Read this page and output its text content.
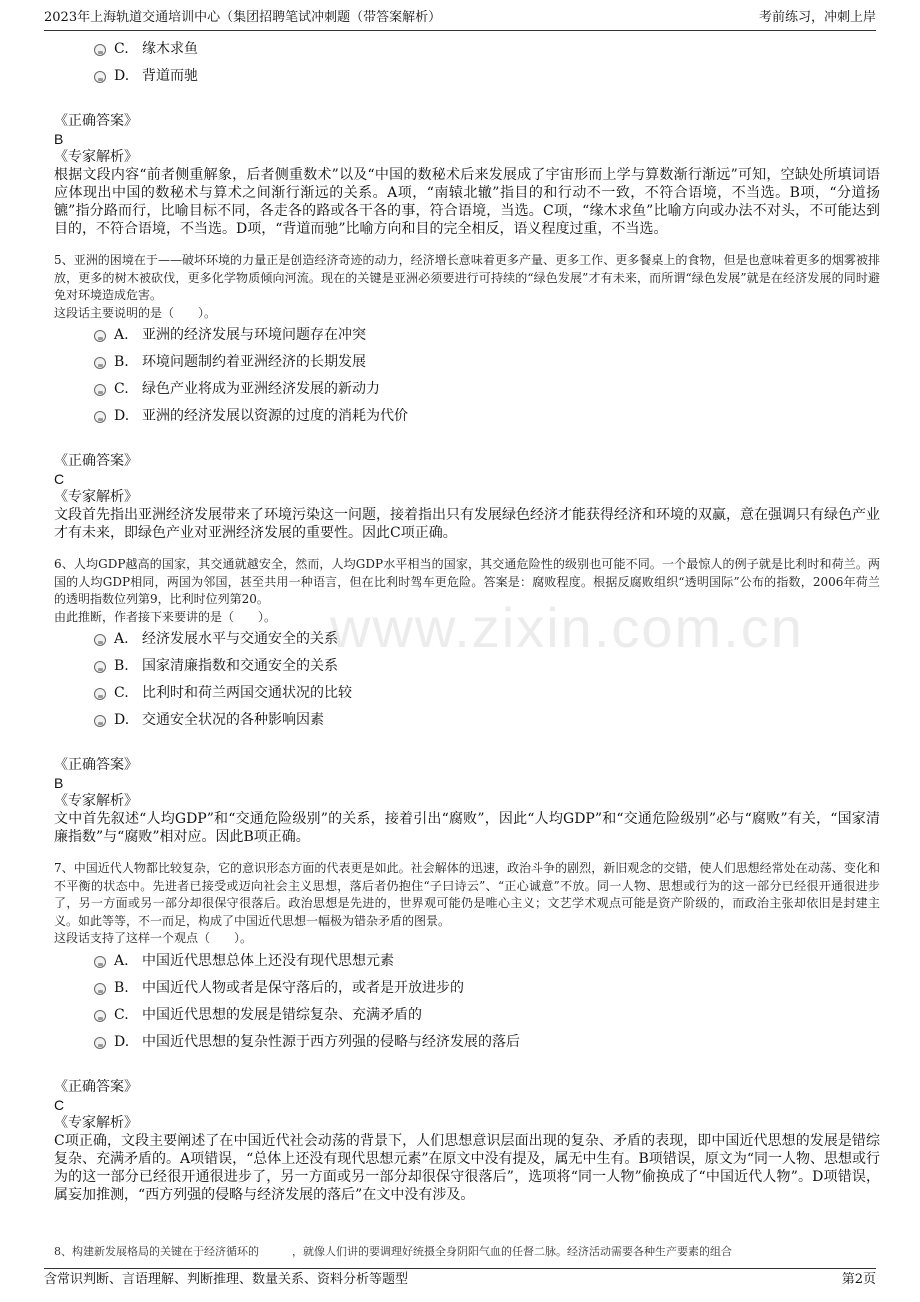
2023年上海轨道交通培训中心（集团招聘笔试冲刺题（带答案解析）	考前练习，冲刺上岸
www.zixin.com.cn
C. 缘木求鱼
D. 背道而驰
《正确答案》
B
《专家解析》
根据文段内容“前者侧重解象，后者侧重数术”以及“中国的数秘术后来发展成了宇宙形而上学与算数渐行渐远”可知，空缺处所填词语应体现出中国的数秘术与算术之间渐行渐远的关系。A项，“南辕北辙”指目的和行动不一致，不符合语境，不当选。B项，“分道扬镳”指分路而行，比喻目标不同，各走各的路或各干各的事，符合语境，当选。C项，“缘木求鱼”比喻方向或办法不对头，不可能达到目的，不符合语境，不当选。D项，“背道而驰”比喻方向和目的完全相反，语义程度过重，不当选。

5、亚洲的困境在于——破坏环境的力量正是创造经济奇迹的动力，经济增长意味着更多产量、更多工作、更多餐桌上的食物，但是也意味着更多的烟雾被排放，更多的树木被砍伐，更多化学物质倾向河流。现在的关键是亚洲必须要进行可持续的“绿色发展”才有未来，而所谓“绿色发展”就是在经济发展的同时避免对环境造成危害。

这段话主要说明的是（　　）。
A. 亚洲的经济发展与环境问题存在冲突
B. 环境问题制约着亚洲经济的长期发展
C. 绿色产业将成为亚洲经济发展的新动力
D. 亚洲的经济发展以资源的过度的消耗为代价
《正确答案》
C
《专家解析》
文段首先指出亚洲经济发展带来了环境污染这一问题，接着指出只有发展绿色经济才能获得经济和环境的双赢，意在强调只有绿色产业才有未来，即绿色产业对亚洲经济发展的重要性。因此C项正确。

6、人均GDP越高的国家，其交通就越安全，然而，人均GDP水平相当的国家，其交通危险性的级别也可能不同。一个最惊人的例子就是比利时和荷兰。两国的人均GDP相同，两国为邻国，甚至共用一种语言，但在比利时驾车更危险。答案是：腐败程度。根据反腐败组织“透明国际”公布的指数，2006年荷兰的透明指数位列第9，比利时位列第20。

由此推断，作者接下来要讲的是（　　）。
A. 经济发展水平与交通安全的关系
B. 国家清廉指数和交通安全的关系
C. 比利时和荷兰两国交通状况的比较
D. 交通安全状况的各种影响因素
《正确答案》
B
《专家解析》
文中首先叙述“人均GDP”和“交通危险级别”的关系，接着引出“腐败”，因此“人均GDP”和“交通危险级别”必与“腐败”有关，“国家清廉指数”与“腐败”相对应。因此B项正确。

7、中国近代人物都比较复杂，它的意识形态方面的代表更是如此。社会解体的迅速，政治斗争的剧烈，新旧观念的交错，使人们思想经常处在动荡、变化和不平衡的状态中。先进者已接受或迈向社会主义思想，落后者仍抱住“子曰诗云”、“正心诚意”不放。同一人物、思想或行为的这一部分已经很开通很进步了，另一方面或另一部分却很保守很落后。政治思想是先进的，世界观可能仍是唯心主义；文艺学术观点可能是资产阶级的，而政治主张却依旧是封建主义。如此等等，不一而足，构成了中国近代思想一幅极为错杂矛盾的图景。

这段话支持了这样一个观点（　　）。
A. 中国近代思想总体上还没有现代思想元素
B. 中国近代人物或者是保守落后的，或者是开放进步的
C. 中国近代思想的发展是错综复杂、充满矛盾的
D. 中国近代思想的复杂性源于西方列强的侵略与经济发展的落后
《正确答案》
C
《专家解析》
C项正确，文段主要阐述了在中国近代社会动荡的背景下，人们思想意识层面出现的复杂、矛盾的表现，即中国近代思想的发展是错综复杂、充满矛盾的。A项错误，“总体上还没有现代思想元素”在原文中没有提及，属无中生有。B项错误，原文为“同一人物、思想或行为的这一部分已经很开通很进步了，另一方面或另一部分却很保守很落后”，选项将“同一人物”偷换成了“中国近代人物”。D项错误，属妄加推测，“西方列强的侵略与经济发展的落后”在文中没有涉及。
8、构建新发展格局的关键在于经济循环的　　　，就像人们讲的要调理好统摄全身阴阳气血的任督二脉。经济活动需要各种生产要素的组合
含常识判断、言语理解、判断推理、数量关系、资料分析等题型	第2页
